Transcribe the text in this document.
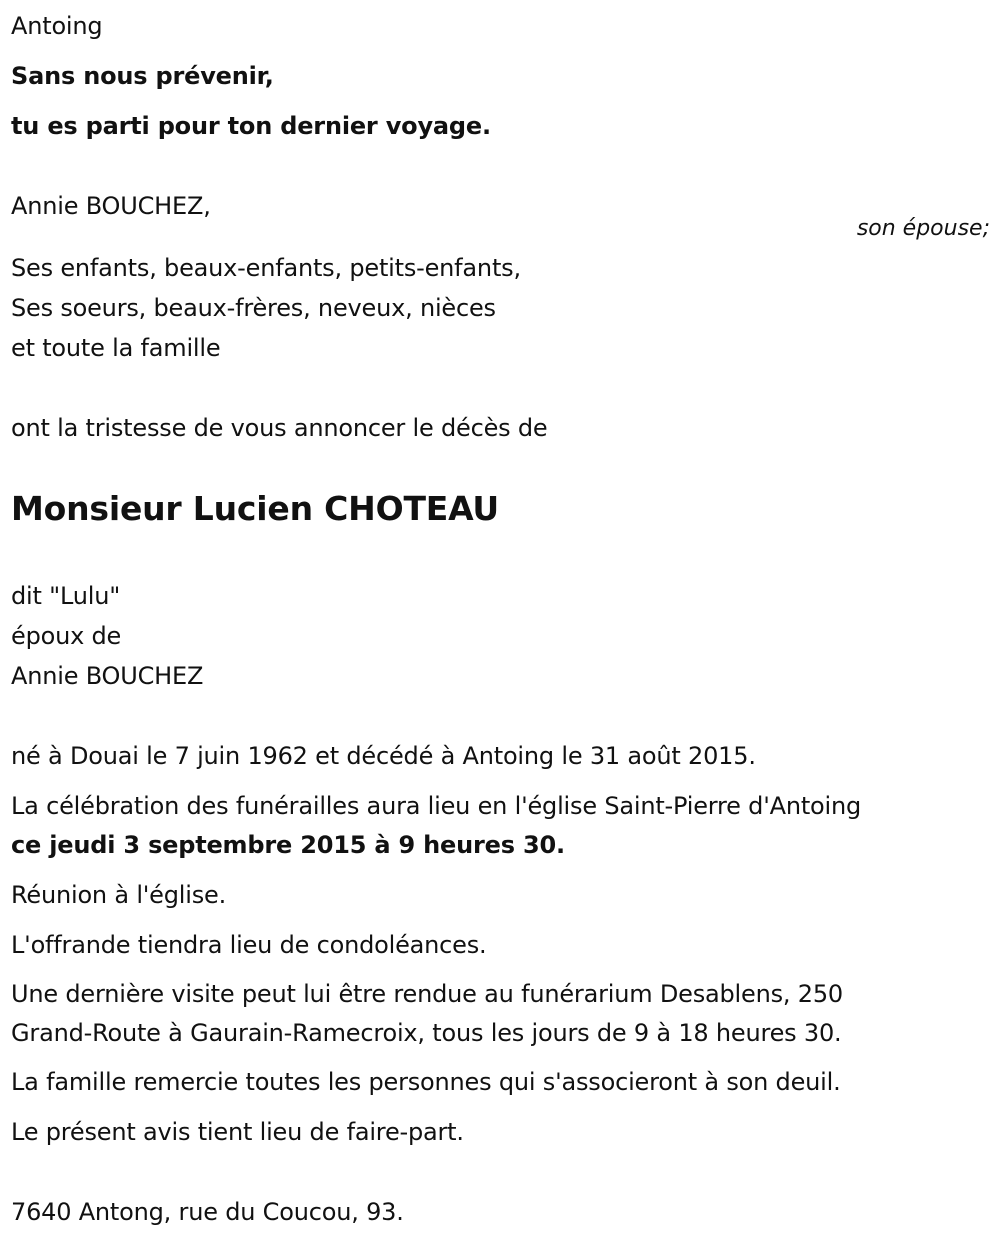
Antoing
Sans nous prévenir,
tu es parti pour ton dernier voyage.
Annie BOUCHEZ,
son épouse;
Ses enfants, beaux-enfants, petits-enfants,
Ses soeurs, beaux-frères, neveux, nièces
et toute la famille
ont la tristesse de vous annoncer le décès de
Monsieur Lucien CHOTEAU
dit "Lulu"
époux de
Annie BOUCHEZ
né à Douai le 7 juin 1962 et décédé à Antoing le 31 août 2015.
La célébration des funérailles aura lieu en l'église Saint-Pierre d'Antoing
ce jeudi 3 septembre 2015 à 9 heures 30.
Réunion à l'église.
L'offrande tiendra lieu de condoléances.
Une dernière visite peut lui être rendue au funérarium Desablens, 250
Grand-Route à Gaurain-Ramecroix, tous les jours de 9 à 18 heures 30.
La famille remercie toutes les personnes qui s'associeront à son deuil.
Le présent avis tient lieu de faire-part.
7640 Antong, rue du Coucou, 93.
